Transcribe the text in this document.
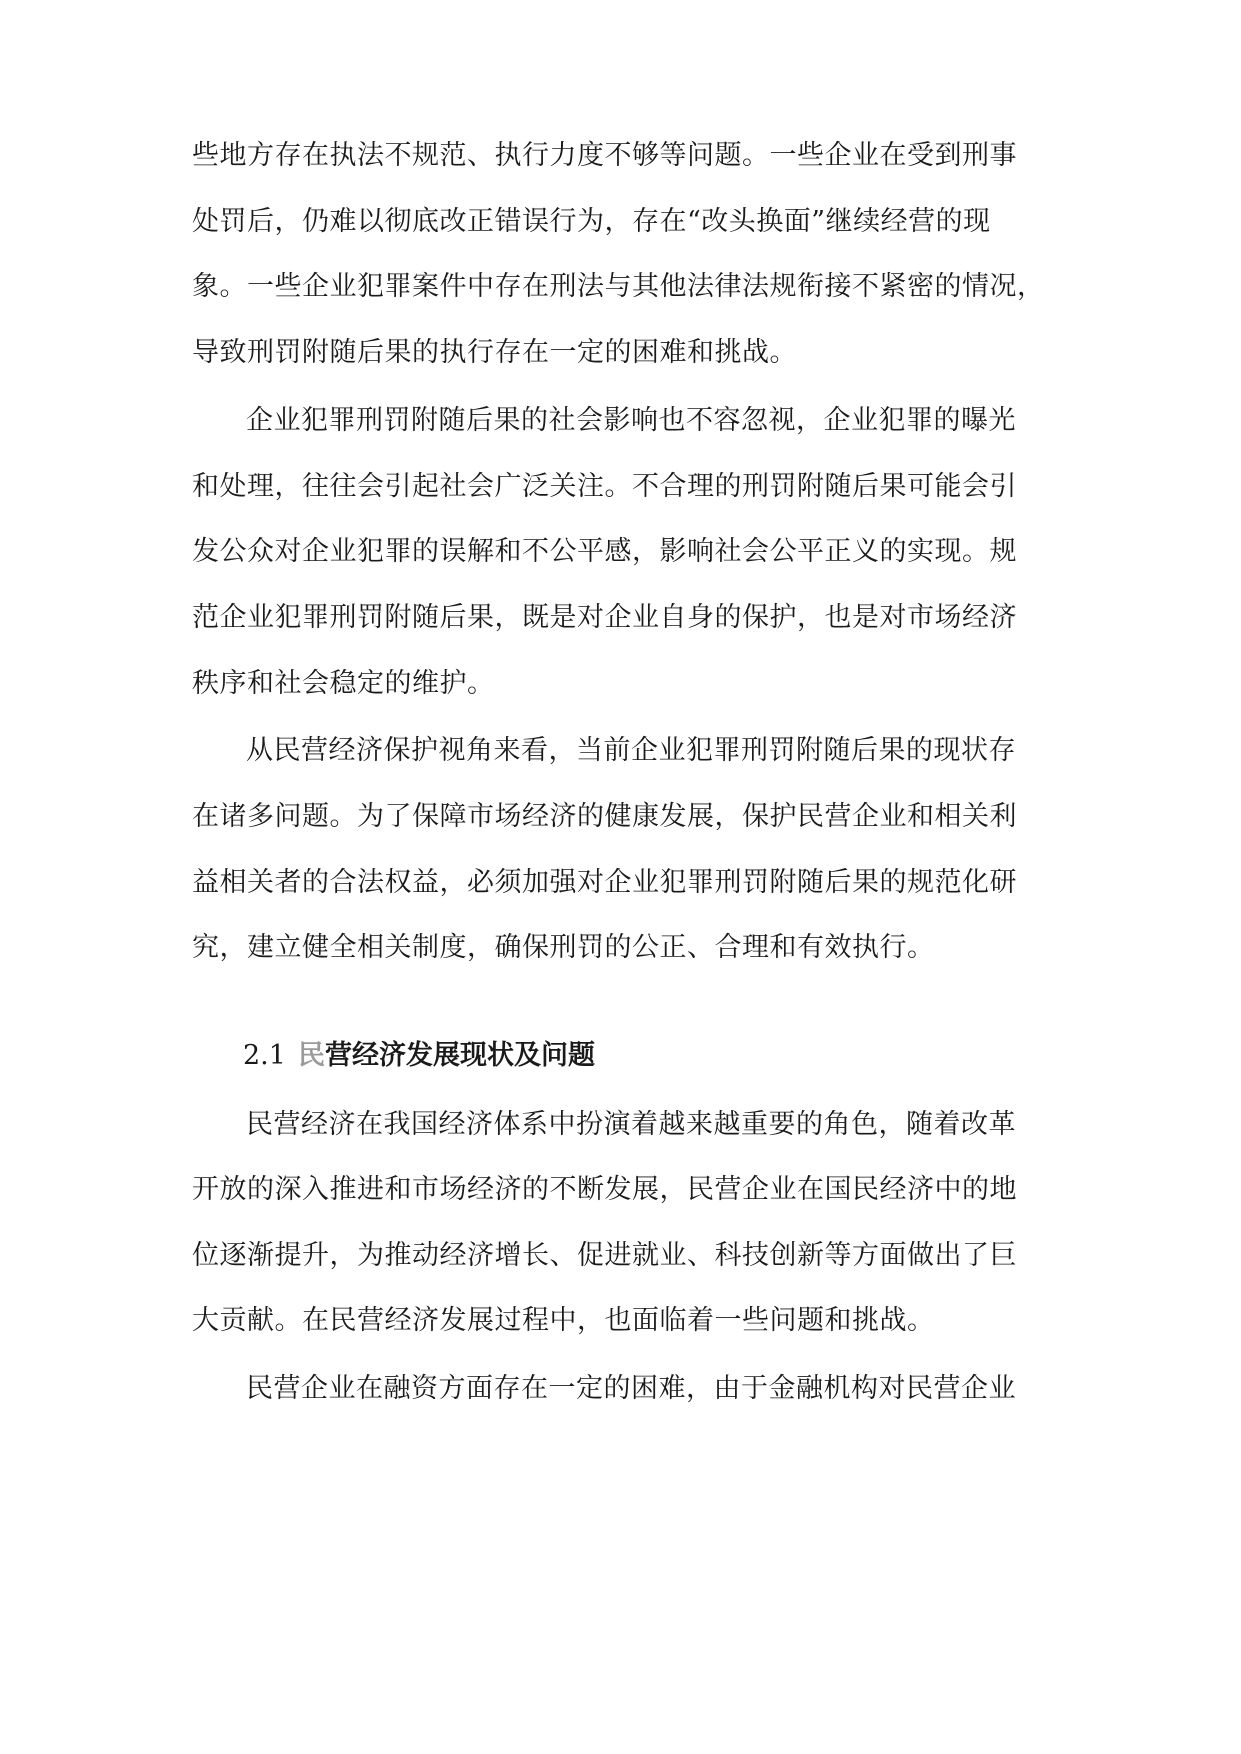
些地方存在执法不规范、执行力度不够等问题。一些企业在受到刑事
处罚后，仍难以彻底改正错误行为，存在“改头换面”继续经营的现
象。一些企业犯罪案件中存在刑法与其他法律法规衔接不紧密的情况，
导致刑罚附随后果的执行存在一定的困难和挑战。
企业犯罪刑罚附随后果的社会影响也不容忽视，企业犯罪的曝光
和处理，往往会引起社会广泛关注。不合理的刑罚附随后果可能会引
发公众对企业犯罪的误解和不公平感，影响社会公平正义的实现。规
范企业犯罪刑罚附随后果，既是对企业自身的保护，也是对市场经济
秩序和社会稳定的维护。
从民营经济保护视角来看，当前企业犯罪刑罚附随后果的现状存
在诸多问题。为了保障市场经济的健康发展，保护民营企业和相关利
益相关者的合法权益，必须加强对企业犯罪刑罚附随后果的规范化研
究，建立健全相关制度，确保刑罚的公正、合理和有效执行。
2.1 民营经济发展现状及问题
民营经济在我国经济体系中扮演着越来越重要的角色，随着改革
开放的深入推进和市场经济的不断发展，民营企业在国民经济中的地
位逐渐提升，为推动经济增长、促进就业、科技创新等方面做出了巨
大贡献。在民营经济发展过程中，也面临着一些问题和挑战。
民营企业在融资方面存在一定的困难，由于金融机构对民营企业
